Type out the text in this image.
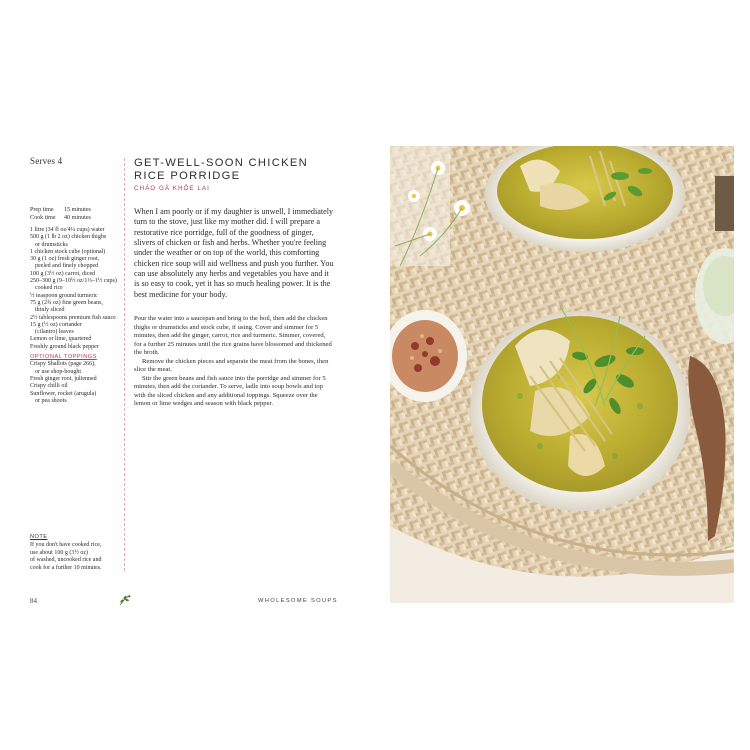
Serves 4
Prep time	15 minutes
Cook time	40 minutes
1 litre (34 fl oz/4¼ cups) water
500 g (1 lb 2 oz) chicken thighs
or drumsticks
1 chicken stock cube (optional)
30 g (1 oz) fresh ginger root,
peeled and finely chopped
100 g (3½ oz) carrot, diced
250–300 g (9–10½ oz/1⅓–1½ cups)
cooked rice
½ teaspoon ground turmeric
75 g (2¾ oz) fine green beans,
thinly sliced
2½ tablespoons premium fish sauce
15 g (½ oz) coriander
(cilantro) leaves
Lemon or lime, quartered
Freshly ground black pepper
OPTIONAL TOPPINGS
Crispy Shallots (page 266),
or use shop-bought
Fresh ginger root, julienned
Crispy chilli oil
Sunflower, rocket (arugula)
or pea shoots
NOTE
If you don't have cooked rice,
use about 100 g (3½ oz)
of washed, uncooked rice and
cook for a further 10 minutes.
GET-WELL-SOON CHICKEN
RICE PORRIDGE
CHÁO GÀ KHỎE LẠI
When I am poorly or if my daughter is unwell, I immediately turn to the stove, just like my mother did. I will prepare a restorative rice porridge, full of the goodness of ginger, slivers of chicken or fish and herbs. Whether you're feeling under the weather or on top of the world, this comforting chicken rice soup will aid wellness and push you further. You can use absolutely any herbs and vegetables you have and it is so easy to cook, yet it has so much healing power. It is the best medicine for your body.

Pour the water into a saucepan and bring to the boil, then add the chicken thighs or drumsticks and stock cube, if using. Cover and simmer for 5 minutes, then add the ginger, carrot, rice and turmeric. Simmer, covered, for a further 25 minutes until the rice grains have blossomed and thickened the broth.

Remove the chicken pieces and separate the meat from the bones, then slice the meat.

Stir the green beans and fish sauce into the porridge and simmer for 5 minutes, then add the coriander. To serve, ladle into soup bowls and top with the sliced chicken and any additional toppings. Squeeze over the lemon or lime wedges and season with black pepper.

84	WHOLESOME SOUPS
